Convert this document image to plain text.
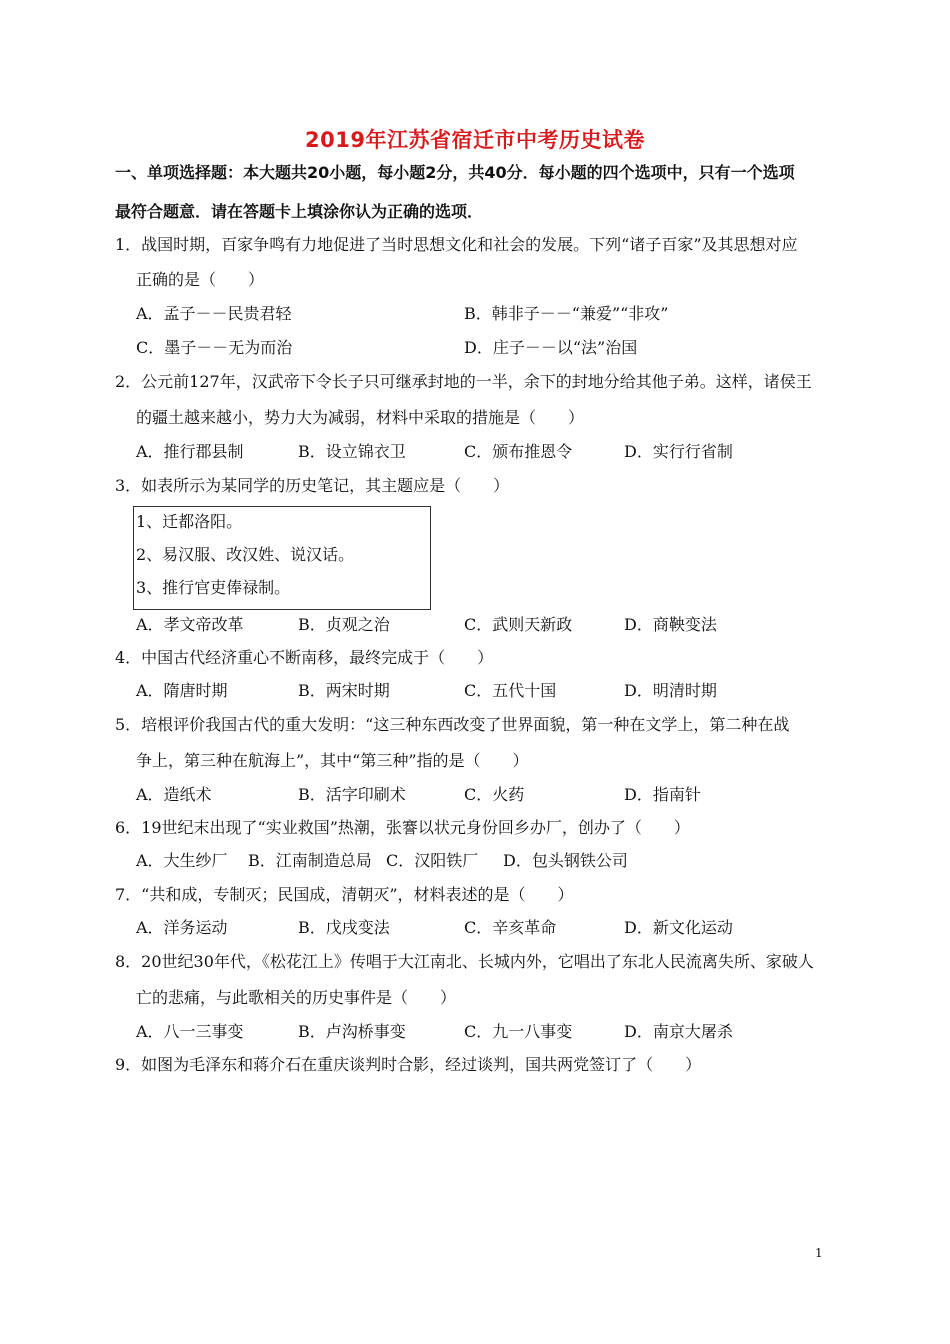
2019年江苏省宿迁市中考历史试卷
一、单项选择题：本大题共20小题，每小题2分，共40分．每小题的四个选项中，只有一个选项
最符合题意．请在答题卡上填涂你认为正确的选项．
1．战国时期，百家争鸣有力地促进了当时思想文化和社会的发展。下列“诸子百家”及其思想对应
正确的是（　　）
A．孟子－－民贵君轻	B．韩非子－－“兼爱”“非攻”
C．墨子－－无为而治	D．庄子－－以“法”治国
2．公元前127年，汉武帝下令长子只可继承封地的一半，余下的封地分给其他子弟。这样，诸侯王
的疆土越来越小，势力大为减弱，材料中采取的措施是（　　）
A．推行郡县制	B．设立锦衣卫	C．颁布推恩令	D．实行行省制
3．如表所示为某同学的历史笔记，其主题应是（　　）
1、迁都洛阳。
2、易汉服、改汉姓、说汉话。
3、推行官吏俸禄制。
A．孝文帝改革	B．贞观之治	C．武则天新政	D．商鞅变法
4．中国古代经济重心不断南移，最终完成于（　　）
A．隋唐时期	B．两宋时期	C．五代十国	D．明清时期
5．培根评价我国古代的重大发明：“这三种东西改变了世界面貌，第一种在文学上，第二种在战
争上，第三种在航海上”，其中“第三种”指的是（　　）
A．造纸术	B．活字印刷术	C．火药	D．指南针
6．19世纪末出现了“实业救国”热潮，张謇以状元身份回乡办厂，创办了（　　）
A．大生纱厂 B．江南制造总局 C．汉阳铁厂 D．包头钢铁公司
7．“共和成，专制灭；民国成，清朝灭”，材料表述的是（　　）
A．洋务运动	B．戊戌变法	C．辛亥革命	D．新文化运动
8．20世纪30年代，《松花江上》传唱于大江南北、长城内外，它唱出了东北人民流离失所、家破人
亡的悲痛，与此歌相关的历史事件是（　　）
A．八一三事变	B．卢沟桥事变	C．九一八事变	D．南京大屠杀
9．如图为毛泽东和蒋介石在重庆谈判时合影，经过谈判，国共两党签订了（　　）
1
